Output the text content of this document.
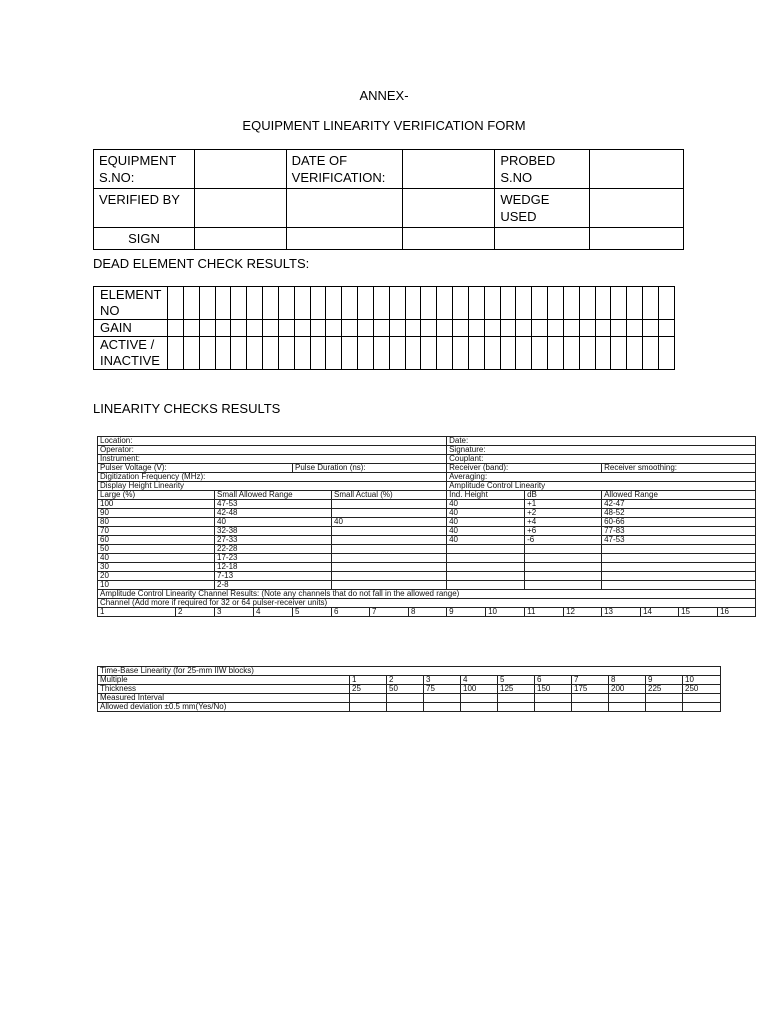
ANNEX-
EQUIPMENT LINEARITY VERIFICATION FORM
EQUIPMENT S.NO:		DATE OF VERIFICATION:		PROBED S.NO	
VERIFIED BY				WEDGE USED	
SIGN					
DEAD ELEMENT CHECK RESULTS:
ELEMENT NO																																
GAIN																																
ACTIVE / INACTIVE																																
LINEARITY CHECKS RESULTS
Location:								Date:							
Operator:								Signature:							
Instrument:								Couplant:							
Pulser Voltage (V):				Pulse Duration (ns):				Receiver (band):				Receiver smoothing:			
Digitization Frequency (MHz):								Averaging:							
Display Height Linearity								Amplitude Control Linearity							
Large (%)		Small Allowed Range			Small Actual (%)			Ind. Height		dB		Allowed Range			
100		47-53						40		+1		42-47			
90		42-48						40		+2		48-52			
80		40			40			40		+4		60-66			
70		32-38						40		+6		77-83			
60		27-33						40		-6		47-53			
50		22-28													
40		17-23													
30		12-18													
20		7-13													
10		2-8													
Amplitude Control Linearity Channel Results: (Note any channels that do not fall in the allowed range)															
Channel (Add more if required for 32 or 64 pulser-receiver units)															
1	2	3	4	5	6	7	8	9	10	11	12	13	14	15	16
Time-Base Linearity (for 25-mm IIW blocks)										
Multiple	1	2	3	4	5	6	7	8	9	10
Thickness	25	50	75	100	125	150	175	200	225	250
Measured Interval										
Allowed deviation ±0.5 mm(Yes/No)										
